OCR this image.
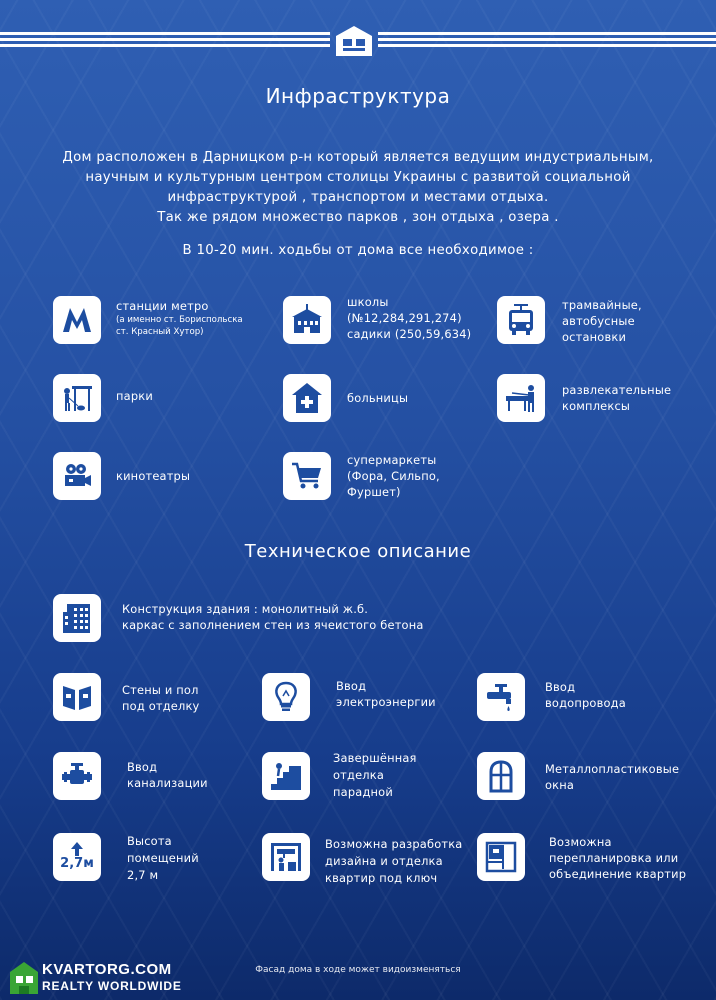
Инфраструктура

Дом расположен в Дарницком р-н который является ведущим индустриальным,

научным и культурным центром столицы Украины с развитой социальной

инфраструктурой , транспортом и местами отдыха.

Так же рядом множество парков , зон отдыха , озера .

В 10-20 мин. ходьбы от дома все необходимое :
станции метро
(а именно ст. Бориспольска
ст. Красный Хутор)
школы
(№12,284,291,274)
садики (250,59,634)
трамвайные,
автобусные
остановки
парки	больницы
развлекательные
комплексы
кинотеатры
супермаркеты
(Фора, Сильпо,
Фуршет)
Техническое описание
Конструкция здания : монолитный ж.б.
каркас с заполнением стен из ячеистого бетона
Стены и пол
под отделку
Ввод
электроэнергии
Ввод
водопровода
Ввод
канализации
Завершённая
отделка
парадной
Металлопластиковые
окна
2,7м
Высота
помещений
2,7 м
Возможна разработка
дизайна и отделка
квартир под ключ
Возможна
перепланировка или
объединение квартир
Фасад дома в ходе может видоизменяться
KVARTORG.COM
REALTY WORLDWIDE
